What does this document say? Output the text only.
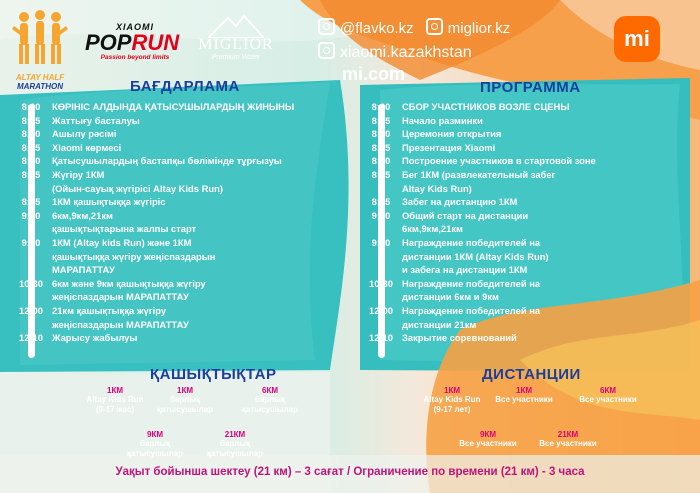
ALTAY HALF
MARATHON
XIAOMI
POPRUN
Passion beyond limits
MIGLIOR
Premium Water
@flavko.kz miglior.kz
xiaomi.kazakhstan
mi.com
mi
БАҒДАРЛАМА	ПРОГРАММА
8:00	КӨРІНІС АЛДЫНДА ҚАТЫСУШЫЛАРДЫҢ ЖИНЫНЫ
8:05	Жаттығу басталуы
8:20	Ашылу рәсімі
8:25	Xiaomi көрмесі
8:30	Қатысушылардың бастапқы бөлімінде тұрғызуы
8:35	Жүгіру 1КМ
(Ойын-сауық жүгірісі Altay Kids Run)
8:45	1КМ қашықтыққа жүгіріс
9:00	6км,9км,21км
қашықтықтарына жалпы старт
9:30	1КМ (Altay kids Run) және 1КМ
қашықтыққа жүгіру жеңіспаздарын
МАРАПАТТАУ
10:30 6км және 9км қашықтыққа жүгіру
жеңіспаздарын МАРАПАТТАУ
12:00 21км қашықтыққа жүгіру
жеңіспаздарын МАРАПАТТАУ
12:10 Жарысу жабылуы
8:00	СБОР УЧАСТНИКОВ ВОЗЛЕ СЦЕНЫ
8:05	Начало разминки
8:20	Церемония открытия
8:25	Презентация Xiaomi
8:30	Построение участников в стартовой зоне
8:35	Бег 1КМ (развлекательный забег
Altay Kids Run)
8:45	Забег на дистанцию 1КМ
9:00	Общий старт на дистанции
6км,9км,21км
9:30	Награждение победителей на
дистанции 1КМ (Altay Kids Run)
и забега на дистанции 1КМ
10:30 Награждение победителей на
дистанции 6км и 9км
12:00 Награждение победителей на
дистанции 21км
12:10 Закрытие соревнований
ҚАШЫҚТЫҚТАР	ДИСТАНЦИИ
1КМ
Altay Kids Run
(9-17 жас)
1КМ
барлық
қатысушылар
6КМ
барлық
қатысушылар
9КМ
барлық
қатысушылар
21КМ
барлық
қатысушылар
1КМ
Altay Kids Run
(9-17 лет)
1КМ
Все участники
6КМ
Все участники
9КМ
Все участники
21КМ
Все участники
Уақыт бойынша шектеу (21 км) – 3 сағат / Ограничение по времени (21 км) - 3 часа
